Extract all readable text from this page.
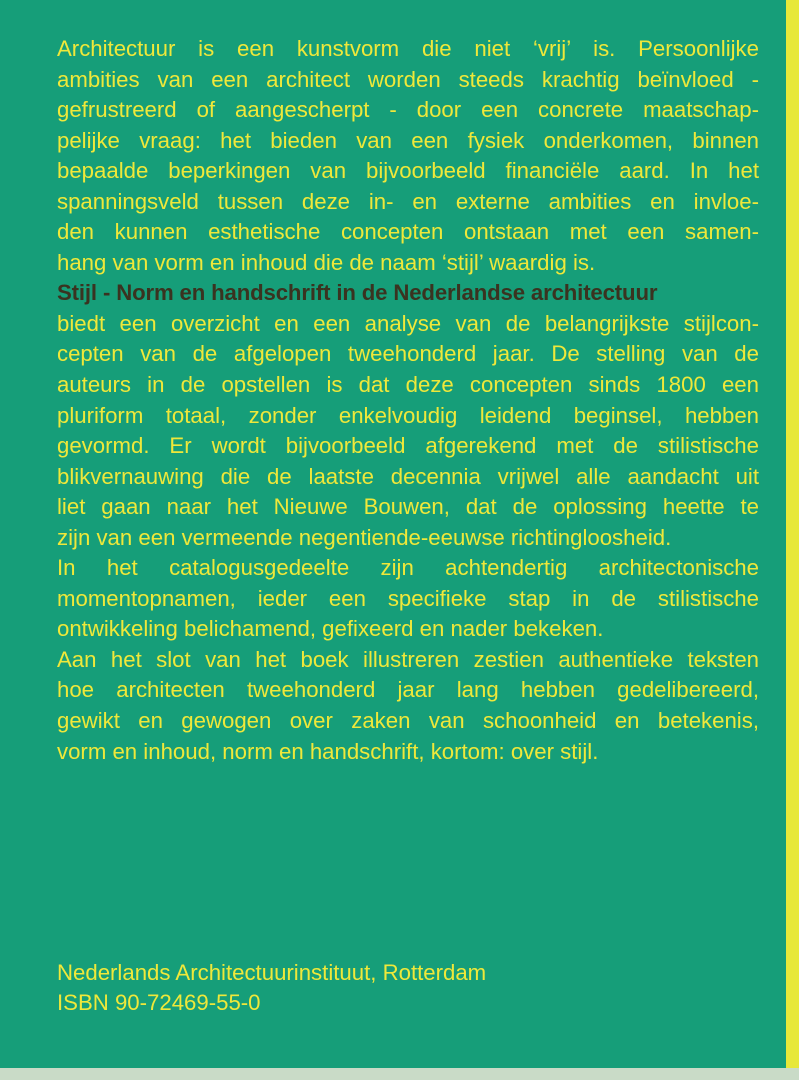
Architectuur is een kunstvorm die niet ‘vrij’ is. Persoonlijke
ambities van een architect worden steeds krachtig beïnvloed -
gefrustreerd of aangescherpt - door een concrete maatschap-
pelijke vraag: het bieden van een fysiek onderkomen, binnen
bepaalde beperkingen van bijvoorbeeld financiële aard. In het
spanningsveld tussen deze in- en externe ambities en invloe-
den kunnen esthetische concepten ontstaan met een samen-
hang van vorm en inhoud die de naam ‘stijl’ waardig is.
Stijl - Norm en handschrift in de Nederlandse architectuur
biedt een overzicht en een analyse van de belangrijkste stijlcon-
cepten van de afgelopen tweehonderd jaar. De stelling van de
auteurs in de opstellen is dat deze concepten sinds 1800 een
pluriform totaal, zonder enkelvoudig leidend beginsel, hebben
gevormd. Er wordt bijvoorbeeld afgerekend met de stilistische
blikvernauwing die de laatste decennia vrijwel alle aandacht uit
liet gaan naar het Nieuwe Bouwen, dat de oplossing heette te
zijn van een vermeende negentiende-eeuwse richtingloosheid.
In het catalogusgedeelte zijn achtendertig architectonische
momentopnamen, ieder een specifieke stap in de stilistische
ontwikkeling belichamend, gefixeerd en nader bekeken.
Aan het slot van het boek illustreren zestien authentieke teksten
hoe architecten tweehonderd jaar lang hebben gedelibereerd,
gewikt en gewogen over zaken van schoonheid en betekenis,
vorm en inhoud, norm en handschrift, kortom: over stijl.
Nederlands Architectuurinstituut, Rotterdam
ISBN 90-72469-55-0
